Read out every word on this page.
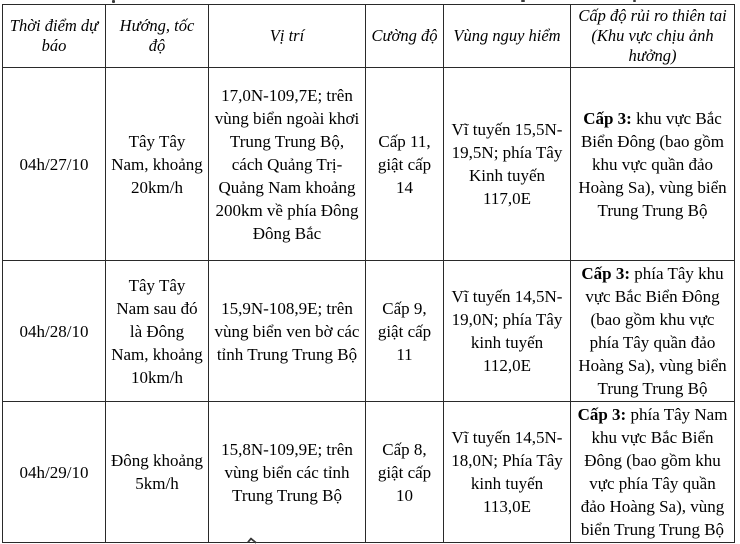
Thời điểm dự báo	Hướng, tốc độ	Vị trí	Cường độ	Vùng nguy hiểm	Cấp độ rủi ro thiên tai (Khu vực chịu ảnh hưởng)
04h/27/10	Tây Tây Nam, khoảng 20km/h	17,0N-109,7E; trên vùng biển ngoài khơi Trung Trung Bộ, cách Quảng Trị-Quảng Nam khoảng 200km về phía Đông Đông Bắc	Cấp 11, giật cấp 14	Vĩ tuyến 15,5N-19,5N; phía Tây Kinh tuyến 117,0E	Cấp 3: khu vực Bắc Biển Đông (bao gồm khu vực quần đảo Hoàng Sa), vùng biển Trung Trung Bộ
04h/28/10	Tây Tây Nam sau đó là Đông Nam, khoảng 10km/h	15,9N-108,9E; trên vùng biển ven bờ các tỉnh Trung Trung Bộ	Cấp 9, giật cấp 11	Vĩ tuyến 14,5N-19,0N; phía Tây kinh tuyến 112,0E	Cấp 3: phía Tây khu vực Bắc Biển Đông (bao gồm khu vực phía Tây quần đảo Hoàng Sa), vùng biển Trung Trung Bộ
04h/29/10	Đông khoảng 5km/h	15,8N-109,9E; trên vùng biển các tỉnh Trung Trung Bộ	Cấp 8, giật cấp 10	Vĩ tuyến 14,5N-18,0N; Phía Tây kinh tuyến 113,0E	Cấp 3: phía Tây Nam khu vực Bắc Biển Đông (bao gồm khu vực phía Tây quần đảo Hoàng Sa), vùng biển Trung Trung Bộ
